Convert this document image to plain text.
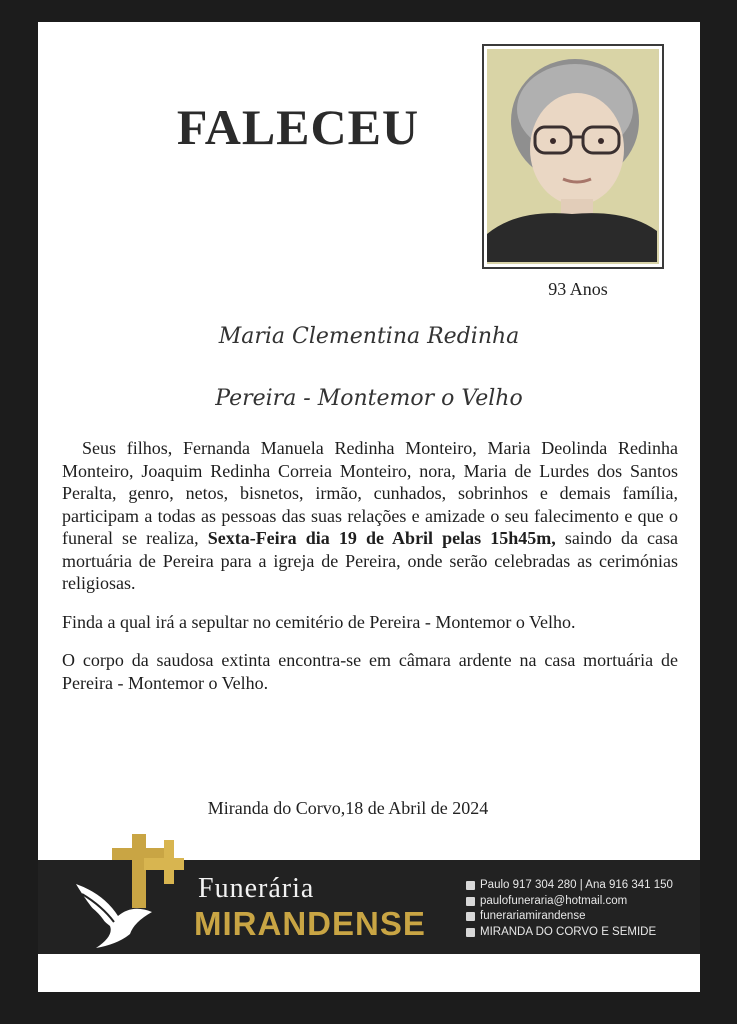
FALECEU
93 Anos
Maria Clementina Redinha
Pereira - Montemor o Velho

Seus filhos, Fernanda Manuela Redinha Monteiro, Maria Deolinda Redinha Monteiro, Joaquim Redinha Correia Monteiro, nora, Maria de Lurdes dos Santos Peralta, genro, netos, bisnetos, irmão, cunhados, sobrinhos e demais família, participam a todas as pessoas das suas relações e amizade o seu falecimento e que o funeral se realiza, Sexta-Feira dia 19 de Abril pelas 15h45m, saindo da casa mortuária de Pereira para a igreja de Pereira, onde serão celebradas as cerimónias religiosas.

Finda a qual irá a sepultar no cemitério de Pereira - Montemor o Velho.

O corpo da saudosa extinta encontra-se em câmara ardente na casa mortuária de Pereira - Montemor o Velho.

Miranda do Corvo,18 de Abril de 2024
Funerária
MIRANDENSE
Paulo 917 304 280 | Ana 916 341 150
paulofuneraria@hotmail.com
funerariamirandense
MIRANDA DO CORVO E SEMIDE
